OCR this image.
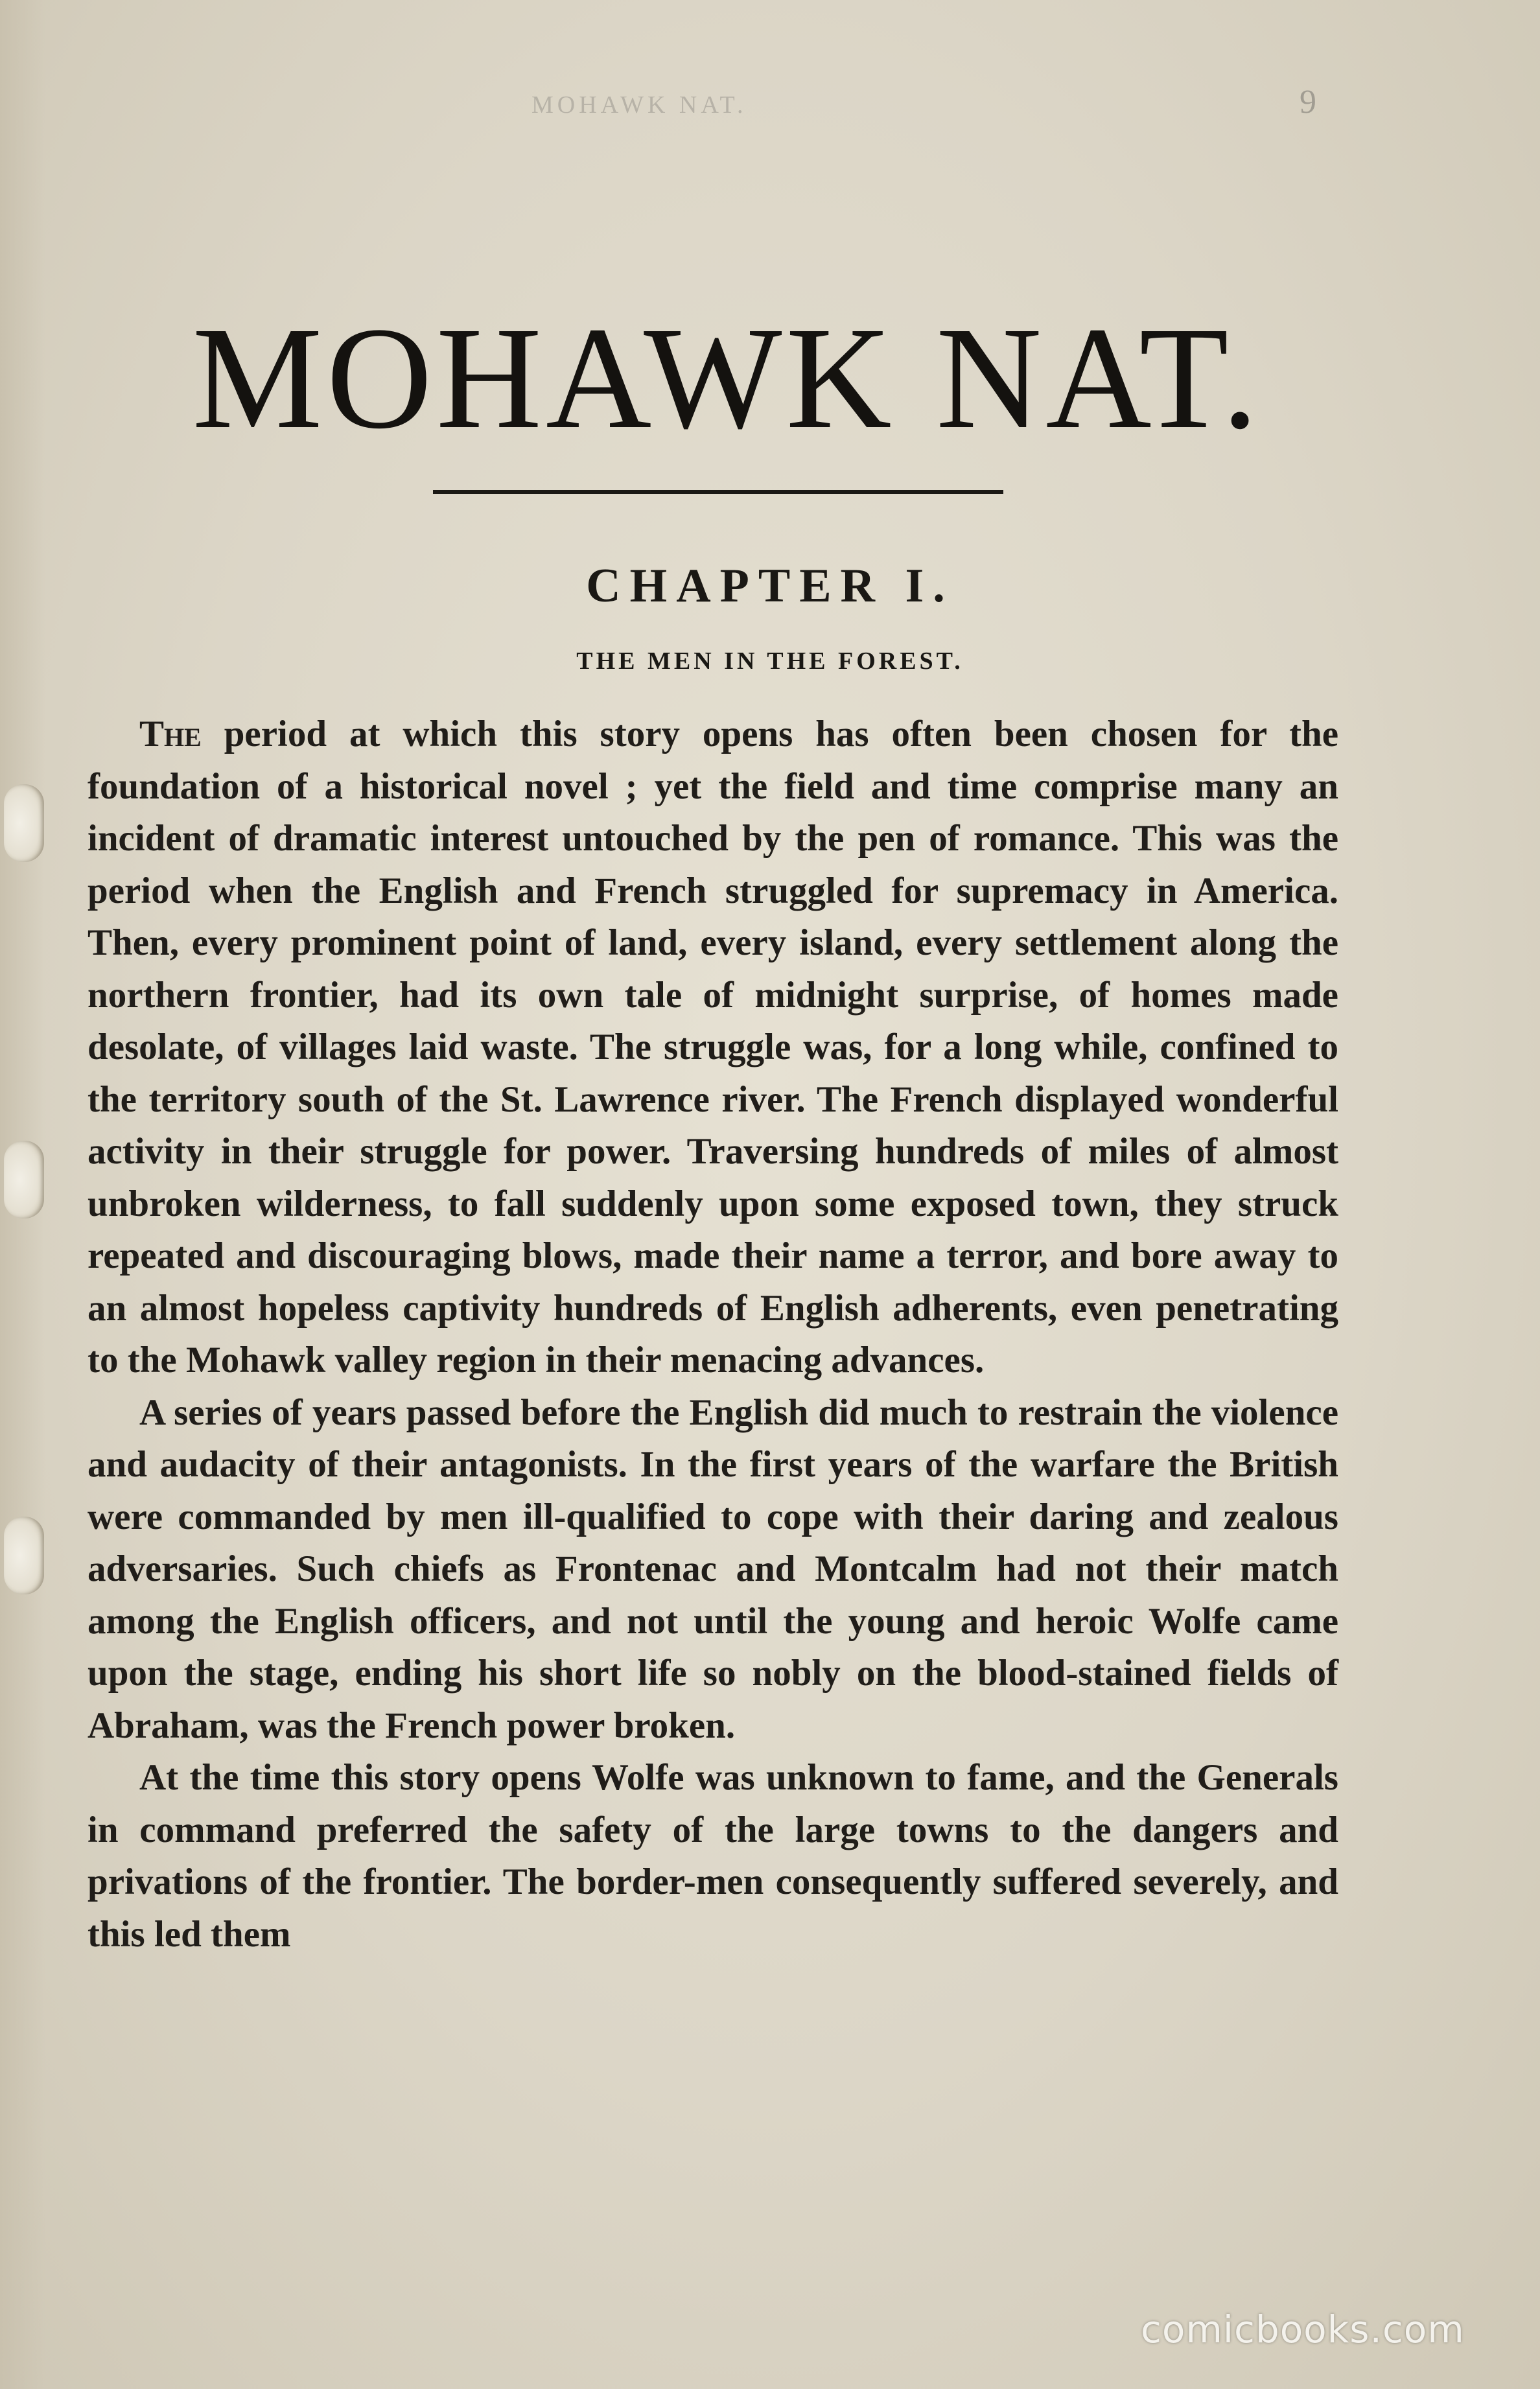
MOHAWK NAT.	9
MOHAWK NAT.
CHAPTER I.
THE MEN IN THE FOREST.

The period at which this story opens has often been chosen for the foundation of a historical novel ; yet the field and time comprise many an incident of dramatic interest untouched by the pen of romance. This was the period when the English and French struggled for supremacy in America. Then, every prominent point of land, every island, every settlement along the northern frontier, had its own tale of midnight surprise, of homes made desolate, of villages laid waste. The struggle was, for a long while, confined to the territory south of the St. Lawrence river. The French displayed wonderful activity in their struggle for power. Traversing hundreds of miles of almost unbroken wilderness, to fall suddenly upon some exposed town, they struck repeated and discouraging blows, made their name a terror, and bore away to an almost hopeless captivity hundreds of English adherents, even penetrating to the Mohawk valley region in their menacing advances.

A series of years passed before the English did much to restrain the violence and audacity of their antagonists. In the first years of the warfare the British were commanded by men ill-qualified to cope with their daring and zealous adversaries. Such chiefs as Frontenac and Montcalm had not their match among the English officers, and not until the young and heroic Wolfe came upon the stage, ending his short life so nobly on the blood-stained fields of Abraham, was the French power broken.

At the time this story opens Wolfe was unknown to fame, and the Generals in command preferred the safety of the large towns to the dangers and privations of the frontier. The border-men consequently suffered severely, and this led them

comicbooks.com
